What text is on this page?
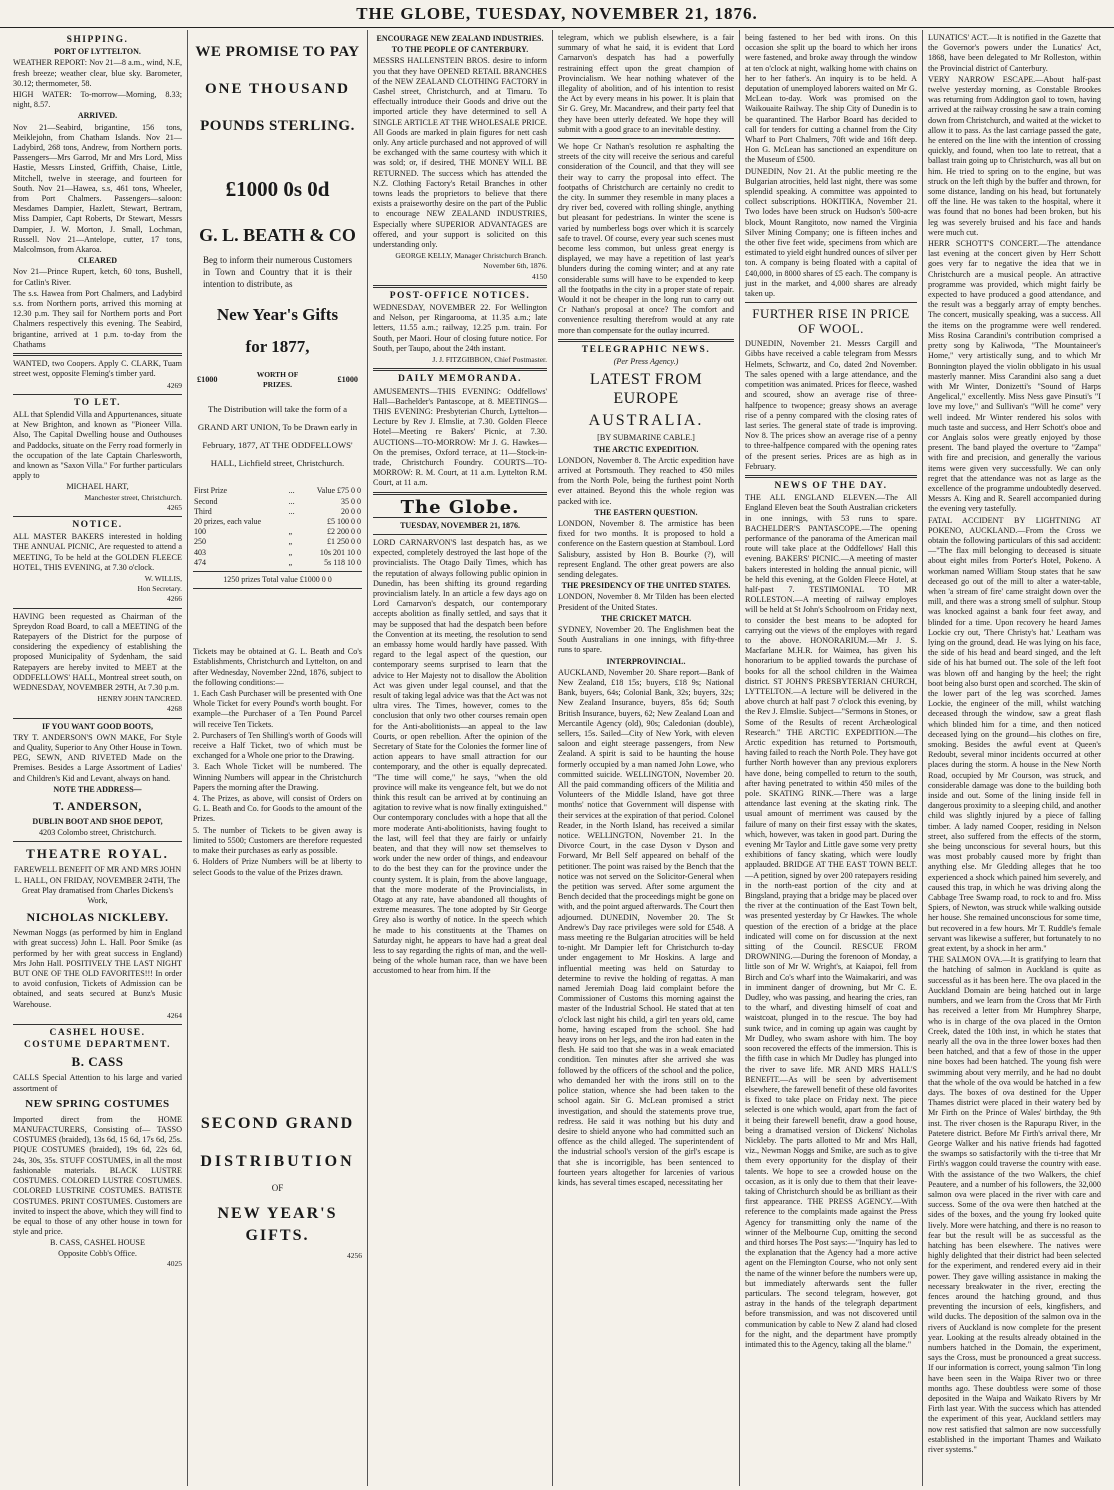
THE GLOBE, TUESDAY, NOVEMBER 21, 1876.
SHIPPING.
PORT OF LYTTELTON.
WEATHER REPORT: Nov 21—8 a.m., wind, N.E, fresh breeze; weather clear, blue sky. Barometer, 30.12; thermometer, 58.
HIGH WATER: To-morrow—Morning, 8.33; night, 8.57.
ARRIVED.
Nov 21—Seabird, brigantine, 156 tons, Meiklejohn, from Chatham Islands. Nov 21—Ladybird, 268 tons, Andrew, from Northern ports. Passengers—Mrs Garrod, Mr and Mrs Lord, Miss Hastie, Messrs Linsted, Griffith, Chaise, Little, Mitchell, twelve in steerage, and fourteen for South. Nov 21—Hawea, s.s, 461 tons, Wheeler, from Port Chalmers. Passengers—saloon: Mesdames Dampier, Hazlett, Stewart, Bertram, Miss Dampier, Capt Roberts, Dr Stewart, Messrs Dampier, J. W. Morton, J. Small, Lochman, Russell. Nov 21—Antelope, cutter, 17 tons, Malcolmson, from Akaroa.
CLEARED
Nov 21—Prince Rupert, ketch, 60 tons, Bushell, for Catlin's River.
The s.s. Hawea from Port Chalmers, and Ladybird s.s. from Northern ports, arrived this morning at 12.30 p.m. They sail for Northern ports and Port Chalmers respectively this evening. The Seabird, brigantine, arrived at 1 p.m. to-day from the Chathams
WANTED, two Coopers. Apply C. CLARK, Tuam street west, opposite Fleming's timber yard.
4269
TO LET.
ALL that Splendid Villa and Appurtenances, situate at New Brighton, and known as "Pioneer Villa. Also, The Capital Dwelling house and Outhouses and Paddocks, situate on the Ferry road formerly in the occupation of the late Captain Charlesworth, and known as "Saxon Villa." For further particulars apply to
MICHAEL HART,
Manchester street, Christchurch.
4265
NOTICE.
ALL MASTER BAKERS interested in holding THE ANNUAL PICNIC, Are requested to attend a MEETING, To be held at the GOLDEN FLEECE HOTEL, THIS EVENING, at 7.30 o'clock.
W. WILLIS,
Hon Secretary.
4266
HAVING been requested as Chairman of the Spreydon Road Board, to call a MEETING of the Ratepayers of the District for the purpose of considering the expediency of establishing the proposed Municipality of Sydenham, the said Ratepayers are hereby invited to MEET at the ODDFELLOWS' HALL, Montreal street south, on WEDNESDAY, NOVEMBER 29TH, At 7.30 p.m.
HENRY JOHN TANCRED.
4268
IF YOU WANT GOOD BOOTS,
TRY T. ANDERSON'S OWN MAKE, For Style and Quality, Superior to Any Other House in Town. PEG, SEWN, AND RIVETED Made on the Premises. Besides a Large Assortment of Ladies' and Children's Kid and Levant, always on hand.
NOTE THE ADDRESS—
T. ANDERSON,
DUBLIN BOOT AND SHOE DEPOT,
4203 Colombo street, Christchurch.
THEATRE ROYAL.
FAREWELL BENEFIT OF MR AND MRS JOHN L. HALL, ON FRIDAY, NOVEMBER 24TH, The Great Play dramatised from Charles Dickens's Work,
NICHOLAS NICKLEBY.
Newman Noggs (as performed by him in England with great success) John L. Hall. Poor Smike (as performed by her with great success in England) Mrs John Hall. POSITIVELY THE LAST NIGHT BUT ONE OF THE OLD FAVORITES!!! In order to avoid confusion, Tickets of Admission can be obtained, and seats secured at Bunz's Music Warehouse.
4264
CASHEL HOUSE.
COSTUME DEPARTMENT.
B. CASS
CALLS Special Attention to his large and varied assortment of
NEW SPRING COSTUMES
Imported direct from the HOME MANUFACTURERS, Consisting of— TASSO COSTUMES (braided), 13s 6d, 15 6d, 17s 6d, 25s. PIQUE COSTUMES (braided), 19s 6d, 22s 6d, 24s, 30s, 35s. STUFF COSTUMES, in all the most fashionable materials. BLACK LUSTRE COSTUMES. COLORED LUSTRE COSTUMES. COLORED LUSTRINE COSTUMES. BATISTE COSTUMES. PRINT COSTUMES. Customers are invited to inspect the above, which they will find to be equal to those of any other house in town for style and price.
B. CASS, CASHEL HOUSE
Opposite Cobb's Office.
4025
WE PROMISE TO PAY
ONE THOUSAND
POUNDS STERLING.
£1000 0s 0d
G. L. BEATH & CO
Beg to inform their numerous Customers in Town and Country that it is their intention to distribute, as
New Year's Gifts
for 1877,
£1000
WORTH OF PRIZES.
£1000
The Distribution will take the form of a GRAND ART UNION, To be Drawn early in February, 1877, AT THE ODDFELLOWS' HALL, Lichfield street, Christchurch.
First Prize	...	Value £75 0 0
Second	...	35 0 0
Third	...	20 0 0
20 prizes, each value		£5 100 0 0
100	„	£2 200 0 0
250	„	£1 250 0 0
403	„	10s 201 10 0
474	„	5s 118 10 0
1250 prizes Total value £1000 0 0
Tickets may be obtained at G. L. Beath and Co's Establishments, Christchurch and Lyttelton, on and after Wednesday, November 22nd, 1876, subject to the following conditions:—
1. Each Cash Purchaser will be presented with One Whole Ticket for every Pound's worth bought. For example—the Purchaser of a Ten Pound Parcel will receive Ten Tickets.
2. Purchasers of Ten Shilling's worth of Goods will receive a Half Ticket, two of which must be exchanged for a Whole one prior to the Drawing.
3. Each Whole Ticket will be numbered. The Winning Numbers will appear in the Christchurch Papers the morning after the Drawing.
4. The Prizes, as above, will consist of Orders on G. L. Beath and Co. for Goods to the amount of the Prizes.
5. The number of Tickets to be given away is limited to 5500; Customers are therefore requested to make their purchases as early as possible.
6. Holders of Prize Numbers will be at liberty to select Goods to the value of the Prizes drawn.
SECOND GRAND
DISTRIBUTION
OF
NEW YEAR'S GIFTS.
4256
ENCOURAGE NEW ZEALAND INDUSTRIES.
TO THE PEOPLE OF CANTERBURY.
MESSRS HALLENSTEIN BROS. desire to inform you that they have OPENED RETAIL BRANCHES of the NEW ZEALAND CLOTHING FACTORY in Cashel street, Christchurch, and at Timaru. To effectually introduce their Goods and drive out the imported article they have determined to sell A SINGLE ARTICLE AT THE WHOLESALE PRICE. All Goods are marked in plain figures for nett cash only. Any article purchased and not approved of will be exchanged with the same courtesy with which it was sold; or, if desired, THE MONEY WILL BE RETURNED. The success which has attended the N.Z. Clothing Factory's Retail Branches in other towns leads the proprietors to believe that there exists a praiseworthy desire on the part of the Public to encourage NEW ZEALAND INDUSTRIES, Especially where SUPERIOR ADVANTAGES are offered, and your support is solicited on this understanding only.
GEORGE KELLY, Manager Christchurch Branch. November 6th, 1876.
4150
POST-OFFICE NOTICES.
WEDNESDAY, NOVEMBER 22. For Wellington and Nelson, per Ringarooma, at 11.35 a.m.; late letters, 11.55 a.m.; railway, 12.25 p.m. train. For South, per Maori. Hour of closing future notice. For South, per Taupo, about the 24th instant.
J. J. FITZGIBBON, Chief Postmaster.
DAILY MEMORANDA.
AMUSEMENTS—THIS EVENING: Oddfellows' Hall—Bachelder's Pantascope, at 8. MEETINGS—THIS EVENING: Presbyterian Church, Lyttelton—Lecture by Rev J. Elmslie, at 7.30. Golden Fleece Hotel—Meeting re Bakers' Picnic, at 7.30. AUCTIONS—TO-MORROW: Mr J. G. Hawkes—On the premises, Oxford terrace, at 11—Stock-in-trade, Christchurch Foundry. COURTS—TO-MORROW: R. M. Court, at 11 a.m. Lyttelton R.M. Court, at 11 a.m.
The Globe.
TUESDAY, NOVEMBER 21, 1876.
LORD CARNARVON'S last despatch has, as we expected, completely destroyed the last hope of the provincialists. The Otago Daily Times, which has the reputation of always following public opinion in Dunedin, has been shifting its ground regarding provincialism lately. In an article a few days ago on Lord Carnarvon's despatch, our contemporary accepts abolition as finally settled, and says that it may be supposed that had the despatch been before the Convention at its meeting, the resolution to send an embassy home would hardly have passed. With regard to the legal aspect of the question, our contemporary seems surprised to learn that the advice to Her Majesty not to disallow the Abolition Act was given under legal counsel, and that the result of taking legal advice was that the Act was not ultra vires. The Times, however, comes to the conclusion that only two other courses remain open for the Anti-abolitionists—an appeal to the law Courts, or open rebellion. After the opinion of the Secretary of State for the Colonies the former line of action appears to have small attraction for our contemporary, and the other is equally deprecated. "The time will come," he says, "when the old province will make its vengeance felt, but we do not think this result can be arrived at by continuing an agitation to revive what is now finally extinguished." Our contemporary concludes with a hope that all the more moderate Anti-abolitionists, having fought to the last, will feel that they are fairly or unfairly beaten, and that they will now set themselves to work under the new order of things, and endeavour to do the best they can for the province under the county system. It is plain, from the above language, that the more moderate of the Provincialists, in Otago at any rate, have abandoned all thoughts of extreme measures. The tone adopted by Sir George Grey also is worthy of notice. In the speech which he made to his constituents at the Thames on Saturday night, he appears to have had a great deal less to say regarding the rights of man, and the well-being of the whole human race, than we have been accustomed to hear from him. If the
telegram, which we publish elsewhere, is a fair summary of what he said, it is evident that Lord Carnarvon's despatch has had a powerfully restraining effect upon the great champion of Provincialism. We hear nothing whatever of the illegality of abolition, and of his intention to resist the Act by every means in his power. It is plain that Sir G. Grey, Mr. Macandrew, and their party feel that they have been utterly defeated. We hope they will submit with a good grace to an inevitable destiny.
We hope Cr Nathan's resolution re asphalting the streets of the city will receive the serious and careful consideration of the Council, and that they will see their way to carry the proposal into effect. The footpaths of Christchurch are certainly no credit to the city. In summer they resemble in many places a dry river bed, covered with rolling shingle, anything but pleasant for pedestrians. In winter the scene is varied by numberless bogs over which it is scarcely safe to travel. Of course, every year such scenes must become less common, but unless great energy is displayed, we may have a repetition of last year's blunders during the coming winter; and at any rate considerable sums will have to be expended to keep all the footpaths in the city in a proper state of repair. Would it not be cheaper in the long run to carry out Cr Nathan's proposal at once? The comfort and convenience resulting therefrom would at any rate more than compensate for the outlay incurred.
TELEGRAPHIC NEWS.
(Per Press Agency.)
LATEST FROM EUROPE
AUSTRALIA.
[BY SUBMARINE CABLE.]
THE ARCTIC EXPEDITION.
LONDON, November 8. The Arctic expedition have arrived at Portsmouth. They reached to 450 miles from the North Pole, being the furthest point North ever attained. Beyond this the whole region was packed with ice.
THE EASTERN QUESTION.
LONDON, November 8. The armistice has been fixed for two months. It is proposed to hold a conference on the Eastern question at Stamboul. Lord Salisbury, assisted by Hon B. Bourke (?), will represent England. The other great powers are also sending delegates.
THE PRESIDENCY OF THE UNITED STATES.
LONDON, November 8. Mr Tilden has been elected President of the United States.
THE CRICKET MATCH.
SYDNEY, November 20. The Englishmen beat the South Australians in one innings, with fifty-three runs to spare.
INTERPROVINCIAL.
AUCKLAND, November 20. Share report—Bank of New Zealand, £18 15s; buyers, £18 9s; National Bank, buyers, 64s; Colonial Bank, 32s; buyers, 32s; New Zealand Insurance, buyers, 85s 6d; South British Insurance, buyers, 62; New Zealand Loan and Mercantile Agency (old), 90s; Caledonian (double), sellers, 15s. Sailed—City of New York, with eleven saloon and eight steerage passengers, from New Zealand. A spirit is said to be haunting the house formerly occupied by a man named John Lowe, who committed suicide. WELLINGTON, November 20. All the paid commanding officers of the Militia and Volunteers of the Middle Island, have got three months' notice that Government will dispense with their services at the expiration of that period. Colonel Reader, in the North Island, has received a similar notice. WELLINGTON, November 21. In the Divorce Court, in the case Dyson v Dyson and Forward, Mr Bell Self appeared on behalf of the petitioner. The point was raised by the Bench that the notice was not served on the Solicitor-General when the petition was served. After some argument the Bench decided that the proceedings might be gone on with, and the point argued afterwards. The Court then adjourned. DUNEDIN, November 20. The St Andrew's Day race privileges were sold for £548. A mass meeting re the Bulgarian atrocities will be held to-night. Mr Dampier left for Christchurch to-day under engagement to Mr Hoskins. A large and influential meeting was held on Saturday to determine to revive the holding of regattas. A man named Jeremiah Doag laid complaint before the Commissioner of Customs this morning against the master of the Industrial School. He stated that at ten o'clock last night his child, a girl ten years old, came home, having escaped from the school. She had heavy irons on her legs, and the iron had eaten in the flesh. He said too that she was in a weak emaciated condition. Ten minutes after she arrived she was followed by the officers of the school and the police, who demanded her with the irons still on to the police station, whence she had been taken to the school again. Sir G. McLean promised a strict investigation, and should the statements prove true, redress. He said it was nothing but his duty and desire to shield anyone who had committed such an offence as the child alleged. The superintendent of the industrial school's version of the girl's escape is that she is incorrigible, has been sentenced to fourteen years altogether for larcenies of various kinds, has several times escaped, necessitating her
being fastened to her bed with irons. On this occasion she split up the board to which her irons were fastened, and broke away through the window at ten o'clock at night, walking home with chains on her to her father's. An inquiry is to be held. A deputation of unemployed laborers waited on Mr G. McLean to-day. Work was promised on the Waikouaite Railway. The ship City of Dunedin is to be quarantined. The Harbor Board has decided to call for tenders for cutting a channel from the City Wharf to Port Chalmers, 70ft wide and 16ft deep. Hon G. McLean has sanctioned an expenditure on the Museum of £500.
DUNEDIN, Nov 21. At the public meeting re the Bulgarian atrocities, held last night, there was some splendid speaking. A committee was appointed to collect subscriptions. HOKITIKA, November 21. Two lodes have been struck on Hudson's 500-acre block, Mount Rangitoto, now named the Virginia Silver Mining Company; one is fifteen inches and the other five feet wide, specimens from which are estimated to yield eight hundred ounces of silver per ton. A company is being floated with a capital of £40,000, in 8000 shares of £5 each. The company is just in the market, and 4,000 shares are already taken up.
FURTHER RISE IN PRICE OF WOOL.
DUNEDIN, November 21. Messrs Cargill and Gibbs have received a cable telegram from Messrs Helmets, Schwartz, and Co, dated 2nd November. The sales opened with a large attendance, and the competition was animated. Prices for fleece, washed and scoured, show an average rise of three-halfpence to twopence; greasy shows an average rise of a penny compared with the closing rates of last series. The general state of trade is improving. Nov 8. The prices show an average rise of a penny to three-halfpence compared with the opening rates of the present series. Prices are as high as in February.
NEWS OF THE DAY.
THE ALL ENGLAND ELEVEN.—The All England Eleven beat the South Australian cricketers in one innings, with 53 runs to spare. BACHELDER'S PANTASCOPE.—The opening performance of the panorama of the American mail route will take place at the Oddfellows' Hall this evening. BAKERS' PICNIC.—A meeting of master bakers interested in holding the annual picnic, will be held this evening, at the Golden Fleece Hotel, at half-past 7. TESTIMONIAL TO MR ROLLESTON.—A meeting of railway employes will be held at St John's Schoolroom on Friday next, to consider the best means to be adopted for carrying out the views of the employes with regard to the above. HONORARIUM.—Mr J. S. Macfarlane M.H.R. for Waimea, has given his honorarium to be applied towards the purchase of books for all the school children in the Waimea district. ST JOHN'S PRESBYTERIAN CHURCH, LYTTELTON.—A lecture will be delivered in the above church at half past 7 o'clock this evening, by the Rev J. Elmslie. Subject—"Sermons in Stones, or Some of the Results of recent Archæological Research." THE ARCTIC EXPEDITION.—The Arctic expedition has returned to Portsmouth, having failed to reach the North Pole. They have got further North however than any previous explorers have done, being compelled to return to the south, after having penetrated to within 450 miles of the pole. SKATING RINK.—There was a large attendance last evening at the skating rink. The usual amount of merriment was caused by the failure of many on their first essay with the skates, which, however, was taken in good part. During the evening Mr Taylor and Little gave some very pretty exhibitions of fancy skating, which were loudly applauded. BRIDGE AT THE EAST TOWN BELT.—A petition, signed by over 200 ratepayers residing in the north-east portion of the city and at Bingsland, praying that a bridge may be placed over the river at the continuation of the East Town belt, was presented yesterday by Cr Hawkes. The whole question of the erection of a bridge at the place indicated will come on for discussion at the next sitting of the Council. RESCUE FROM DROWNING.—During the forenoon of Monday, a little son of Mr W. Wright's, at Kaiapoi, fell from Birch and Co's wharf into the Waimakariri, and was in imminent danger of drowning, but Mr C. E. Dudley, who was passing, and hearing the cries, ran to the wharf, and divesting himself of coat and waistcoat, plunged in to the rescue. The boy had sunk twice, and in coming up again was caught by Mr Dudley, who swam ashore with him. The boy soon recovered the effects of the immersion. This is the fifth case in which Mr Dudley has plunged into the river to save life. MR AND MRS HALL'S BENEFIT.—As will be seen by advertisement elsewhere, the farewell benefit of these old favorites is fixed to take place on Friday next. The piece selected is one which would, apart from the fact of it being their farewell benefit, draw a good house, being a dramatised version of Dickens' Nicholas Nickleby. The parts allotted to Mr and Mrs Hall, viz., Newman Noggs and Smike, are such as to give them every opportunity for the display of their talents. We hope to see a crowded house on the occasion, as it is only due to them that their leave-taking of Christchurch should be as brilliant as their first appearance. THE PRESS AGENCY.—With reference to the complaints made against the Press Agency for transmitting only the name of the winner of the Melbourne Cup, omitting the second and third horses The Post says:—"Inquiry has led to the explanation that the Agency had a more active agent on the Flemington Course, who not only sent the name of the winner before the numbers were up, but immediately afterwards sent the fuller particulars. The second telegram, however, got astray in the hands of the telegraph department before transmission, and was not discovered until communication by cable to New Z aland had closed for the night, and the department have promptly intimated this to the Agency, taking all the blame."
LUNATICS' ACT.—It is notified in the Gazette that the Governor's powers under the Lunatics' Act, 1868, have been delegated to Mr Rolleston, within the Provincial district of Canterbury.
VERY NARROW ESCAPE.—About half-past twelve yesterday morning, as Constable Brookes was returning from Addington gaol to town, having arrived at the railway crossing he saw a train coming down from Christchurch, and waited at the wicket to allow it to pass. As the last carriage passed the gate, he entered on the line with the intention of crossing quickly, and found, when too late to retreat, that a ballast train going up to Christchurch, was all but on him. He tried to spring on to the engine, but was struck on the left thigh by the buffer and thrown, for some distance, landing on his head, but fortunately off the line. He was taken to the hospital, where it was found that no bones had been broken, but his leg was severely bruised and his face and hands were much cut.
HERR SCHOTT'S CONCERT.—The attendance last evening at the concert given by Herr Schott goes very far to negative the idea that we in Christchurch are a musical people. An attractive programme was provided, which might fairly be expected to have produced a good attendance, and the result was a beggarly array of empty benches. The concert, musically speaking, was a success. All the items on the programme were well rendered. Miss Rosina Carandini's contribution comprised a pretty song by Kaliwoda, "The Mountaineer's Home," very artistically sung, and to which Mr Bonnington played the violin obbligato in his usual masterly manner. Miss Carandini also sang a duet with Mr Winter, Donizetti's "Sound of Harps Angelical," excellently. Miss Ness gave Pinsuti's "I love my love," and Sullivan's "Will he come" very well indeed. Mr Winter rendered his solos with much taste and success, and Herr Schott's oboe and cor Anglais solos were greatly enjoyed by those present. The band played the overture to "Zampa" with fire and precision, and generally the various items were given very successfully. We can only regret that the attendance was not as large as the excellence of the programme undoubtedly deserved. Messrs A. King and R. Searell accompanied during the evening very tastefully.
FATAL ACCIDENT BY LIGHTNING AT POKENO, AUCKLAND.—From the Cross we obtain the following particulars of this sad accident:—"The flax mill belonging to deceased is situate about eight miles from Porter's Hotel, Pokeno. A workman named William Stoup states that he saw deceased go out of the mill to alter a water-table, when 'a stream of fire' came straight down over the mill, and there was a strong smell of sulphur. Stoup was knocked against a bank four feet away, and blinded for a time. Upon recovery he heard James Lockie cry out, 'There Christy's hat.' Leatham was lying on the ground, dead. He was lying on his face, the side of his head and beard singed, and the left side of his hat burned out. The sole of the left foot was blown off and hanging by the heel; the right boot being also burst open and scorched. The skin of the lower part of the leg was scorched. James Lockie, the engineer of the mill, whilst watching deceased through the window, saw a great flash which blinded him for a time, and then noticed deceased lying on the ground—his clothes on fire, smoking. Besides the awful event at Queen's Redoubt, several minor incidents occurred at other places during the storm. A house in the New North Road, occupied by Mr Courson, was struck, and considerable damage was done to the building both inside and out. Some of the lining inside fell in dangerous proximity to a sleeping child, and another child was slightly injured by a piece of falling timber. A lady named Cooper, residing in Nelson street, also suffered from the effects of the storm, she being unconscious for several hours, but this was most probably caused more by fright than anything else. Mr Gledding alleges that he too experienced a shock which pained him severely, and caused this trap, in which he was driving along the Cabbage Tree Swamp road, to rock to and fro. Miss Spiers, of Newton, was struck while walking outside her house. She remained unconscious for some time, but recovered in a few hours. Mr T. Ruddle's female servant was likewise a sufferer, but fortunately to no great extent, by a shock in her arm."
THE SALMON OVA.—It is gratifying to learn that the hatching of salmon in Auckland is quite as successful as it has been here. The ova placed in the Auckland Domain are being hatched out in large numbers, and we learn from the Cross that Mr Firth has received a letter from Mr Humphrey Sharpe, who is in charge of the ova placed in the Ornton Creek, dated the 10th inst, in which he states that nearly all the ova in the three lower boxes had then been hatched, and that a few of those in the upper nine boxes had been hatched. The young fish were swimming about very merrily, and he had no doubt that the whole of the ova would be hatched in a few days. The boxes of ova destined for the Upper Thames district were placed in their watery bed by Mr Firth on the Prince of Wales' birthday, the 9th inst. The river chosen is the Rapurapu River, in the Patetere district. Before Mr Firth's arrival there, Mr George Walker and his native friends had fagotted the swamps so satisfactorily with the ti-tree that Mr Firth's waggon could traverse the country with ease. With the assistance of the two Walkers, the chief Peautere, and a number of his followers, the 32,000 salmon ova were placed in the river with care and success. Some of the ova were then hatched at the sides of the boxes, and the young fry looked quite lively. More were hatching, and there is no reason to fear but the result will be as successful as the hatching has been elsewhere. The natives were highly delighted that their district had been selected for the experiment, and rendered every aid in their power. They gave willing assistance in making the necessary breakwater in the river, erecting the fences around the hatching ground, and thus preventing the incursion of eels, kingfishers, and wild ducks. The deposition of the salmon ova in the rivers of Auckland is now complete for the present year. Looking at the results already obtained in the numbers hatched in the Domain, the experiment, says the Cross, must be pronounced a great success. If our information is correct, young salmon 'Tin long have been seen in the Waipa River two or three months ago. These doubtless were some of those deposited in the Waipa and Waikato Rivers by Mr Firth last year. With the success which has attended the experiment of this year, Auckland settlers may now rest satisfied that salmon are now successfully established in the important Thames and Waikato river systems."
